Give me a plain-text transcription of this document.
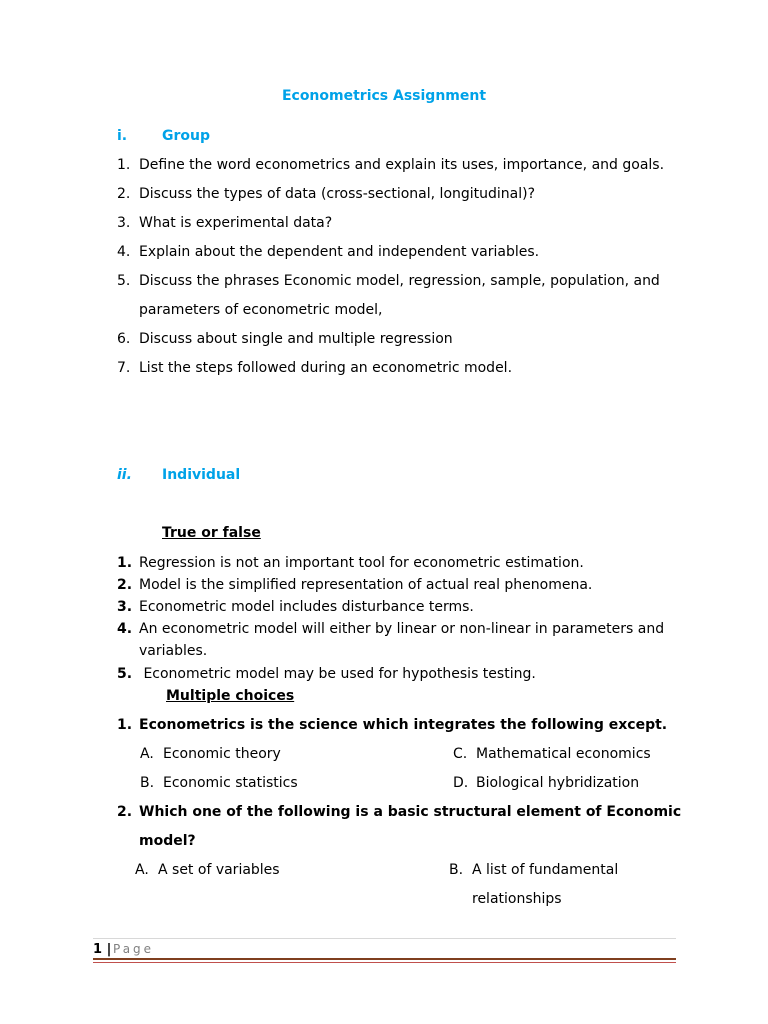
Econometrics Assignment
i. Group
1. Define the word econometrics and explain its uses, importance, and goals.
2. Discuss the types of data (cross-sectional, longitudinal)?
3. What is experimental data?
4. Explain about the dependent and independent variables.
5. Discuss the phrases Economic model, regression, sample, population, and
parameters of econometric model,
6. Discuss about single and multiple regression
7. List the steps followed during an econometric model.
ii. Individual
True or false
1. Regression is not an important tool for econometric estimation.
2. Model is the simplified representation of actual real phenomena.
3. Econometric model includes disturbance terms.
4. An econometric model will either by linear or non-linear in parameters and
variables.
5. Econometric model may be used for hypothesis testing.
Multiple choices
1. Econometrics is the science which integrates the following except.
2. Which one of the following is a basic structural element of Economic
model?
A. Economic theory	C. Mathematical economics
B. Economic statistics	D. Biological hybridization
A. A set of variables	B. A list of fundamental
relationships
1 | Page
